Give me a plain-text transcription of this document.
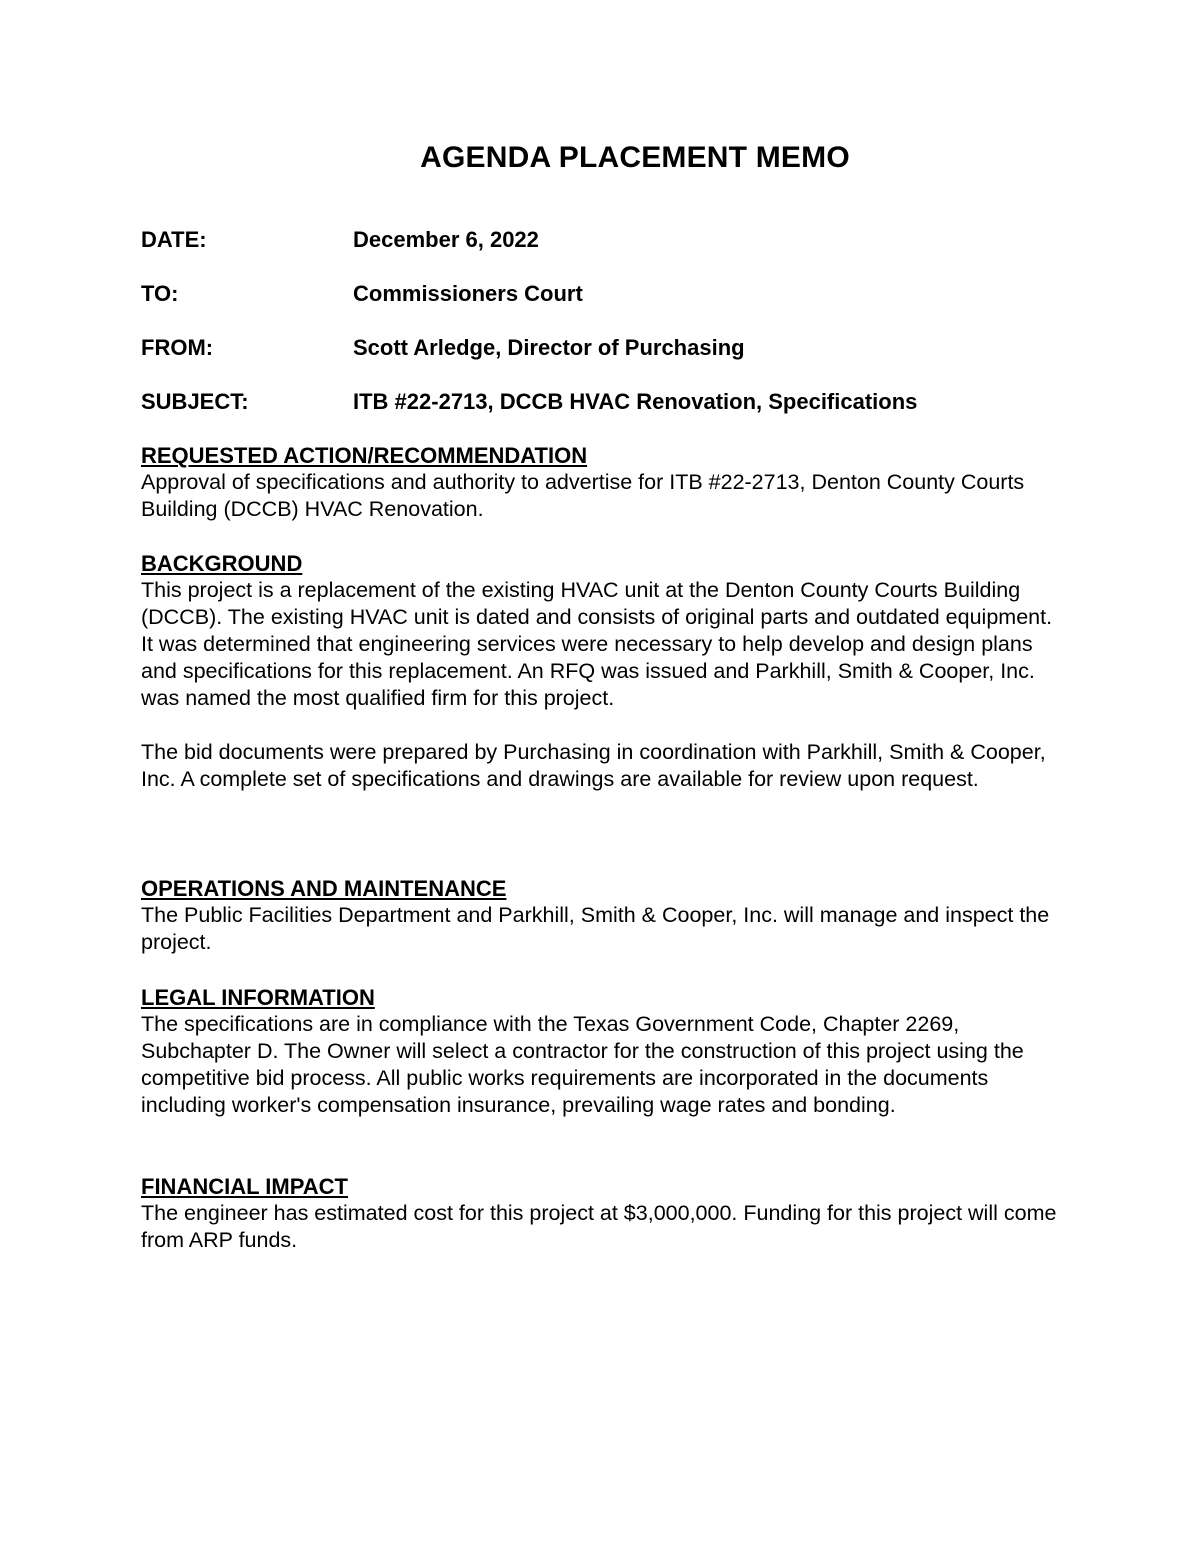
AGENDA PLACEMENT MEMO
DATE:	December 6, 2022
TO:	Commissioners Court
FROM:	Scott Arledge, Director of Purchasing
SUBJECT:	ITB #22-2713, DCCB HVAC Renovation, Specifications
REQUESTED ACTION/RECOMMENDATION

Approval of specifications and authority to advertise for ITB #22-2713, Denton County Courts Building (DCCB) HVAC Renovation.

BACKGROUND

This project is a replacement of the existing HVAC unit at the Denton County Courts Building (DCCB). The existing HVAC unit is dated and consists of original parts and outdated equipment. It was determined that engineering services were necessary to help develop and design plans and specifications for this replacement. An RFQ was issued and Parkhill, Smith & Cooper, Inc. was named the most qualified firm for this project.

The bid documents were prepared by Purchasing in coordination with Parkhill, Smith & Cooper, Inc. A complete set of specifications and drawings are available for review upon request.

OPERATIONS AND MAINTENANCE

The Public Facilities Department and Parkhill, Smith & Cooper, Inc. will manage and inspect the project.

LEGAL INFORMATION

The specifications are in compliance with the Texas Government Code, Chapter 2269, Subchapter D. The Owner will select a contractor for the construction of this project using the competitive bid process. All public works requirements are incorporated in the documents including worker's compensation insurance, prevailing wage rates and bonding.

FINANCIAL IMPACT

The engineer has estimated cost for this project at $3,000,000. Funding for this project will come from ARP funds.
